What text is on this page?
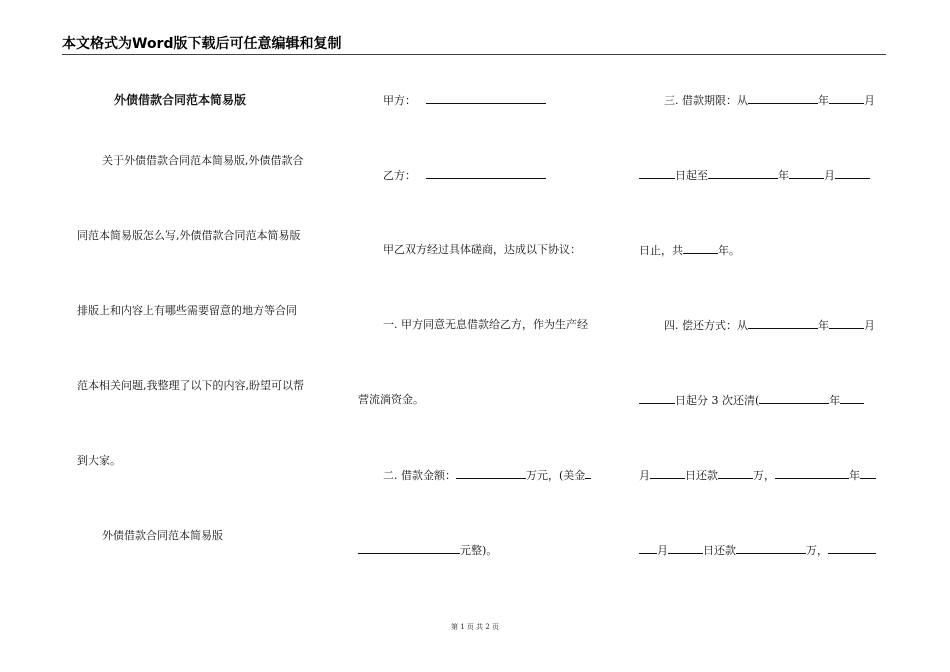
本文格式为Word版下载后可任意编辑和复制
外债借款合同范本简易版
关于外债借款合同范本简易版,外债借款合
同范本简易版怎么写,外债借款合同范本简易版
排版上和内容上有哪些需要留意的地方等合同
范本相关问题,我整理了以下的内容,盼望可以帮
到大家。
外债借款合同范本简易版
甲方：
乙方：
甲乙双方经过具体磋商，达成以下协议：
一. 甲方同意无息借款给乙方，作为生产经
营流淌资金。
二. 借款金额：	万元，(美金
元整)。
三. 借款期限：从	年	月
日起至	年	月
日止，共	年。
四. 偿还方式：从	年	月
日起分 3 次还清(	年
月	日还款	万，	年
月	日还款	万，
第 1 页 共 2 页
